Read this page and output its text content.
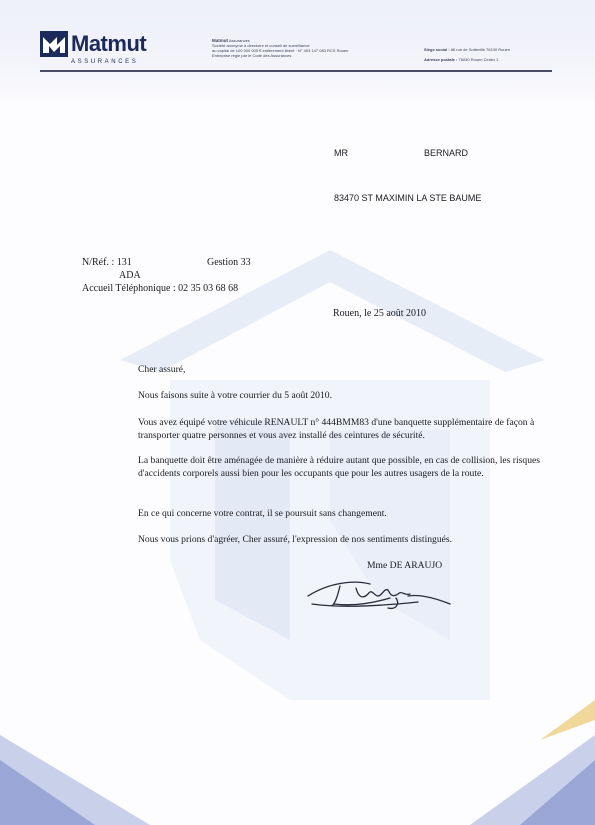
Matmut
ASSURANCES
Matmut Assurances
Société anonyme à directoire et conseil de surveillance
au capital de 100 000 000 € entièrement libéré · N° 403 147 083 RCS Rouen
Entreprise régie par le Code des Assurances
Siège social : 66 rue de Sotteville 76100 Rouen
Adresse postale : 76030 Rouen Cedex 1
MR	BERNARD
83470 ST MAXIMIN LA STE BAUME
N/Réf. : 131	Gestion 33
ADA
Accueil Téléphonique : 02 35 03 68 68
Rouen, le 25 août 2010
Cher assuré,
Nous faisons suite à votre courrier du 5 août 2010.
Vous avez équipé votre véhicule RENAULT n° 444BMM83 d'une banquette supplémentaire de façon à transporter quatre personnes et vous avez installé des ceintures de sécurité.
La banquette doit être aménagée de manière à réduire autant que possible, en cas de collision, les risques d'accidents corporels aussi bien pour les occupants que pour les autres usagers de la route.
En ce qui concerne votre contrat, il se poursuit sans changement.
Nous vous prions d'agréer, Cher assuré, l'expression de nos sentiments distingués.
Mme DE ARAUJO
